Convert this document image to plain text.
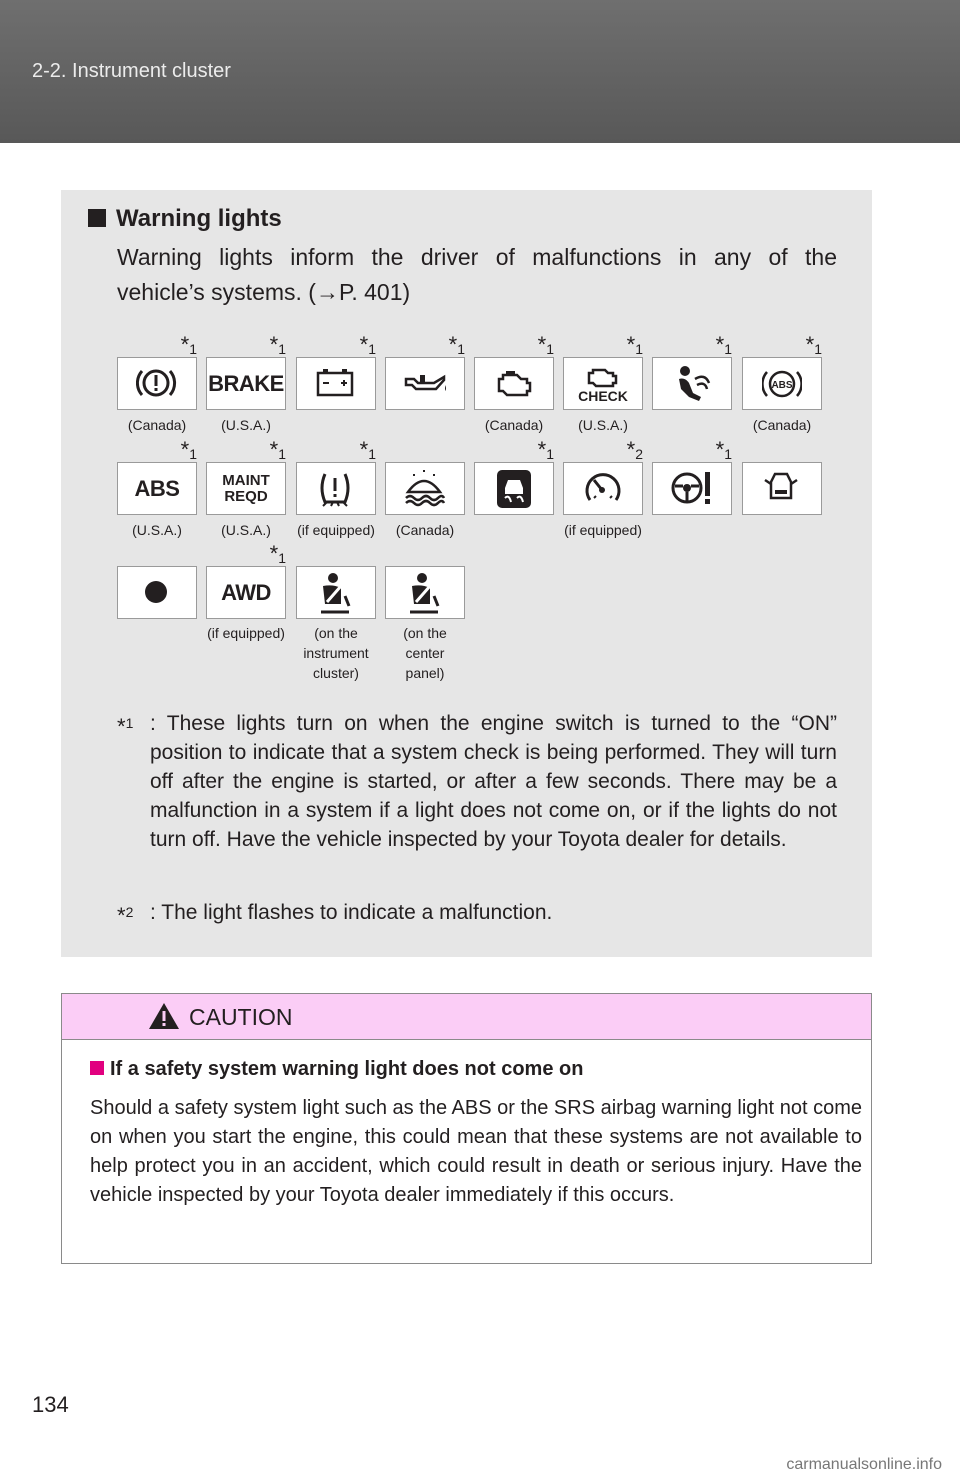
2-2. Instrument cluster
Warning lights
Warning lights inform the driver of malfunctions in any of the
vehicle’s systems. (→P. 401)
$*_1$
(Canada)
$*_1$
BRAKE
(U.S.A.)
$*_1$	$*_1$	$*_1$
(Canada)
$*_1$
CHECK
(U.S.A.)
$*_1$	$*_1$
ABS
(Canada)
$*_1$
ABS
(U.S.A.)
$*_1$
MAINT
REQD
(U.S.A.)
$*_1$
(if equipped)	(Canada)
$*_1$	$*_2$
(if equipped)
$*_1$
$*_1$
AWD
(if equipped)	(on the
instrument
cluster)
(on the
center
panel)
$*_1$ : These lights turn on when the engine switch is turned to the “ON” position to indicate that a system check is being performed. They will turn off after the engine is started, or after a few seconds. There may be a malfunction in a system if a light does not come on, or if the lights do not turn off. Have the vehicle inspected by your Toyota dealer for details.
$*_2$ : The light flashes to indicate a malfunction.
CAUTION
If a safety system warning light does not come on
Should a safety system light such as the ABS or the SRS airbag warning light not come on when you start the engine, this could mean that these systems are not available to help protect you in an accident, which could result in death or serious injury. Have the vehicle inspected by your Toyota dealer immediately if this occurs.
134
carmanualsonline.info
